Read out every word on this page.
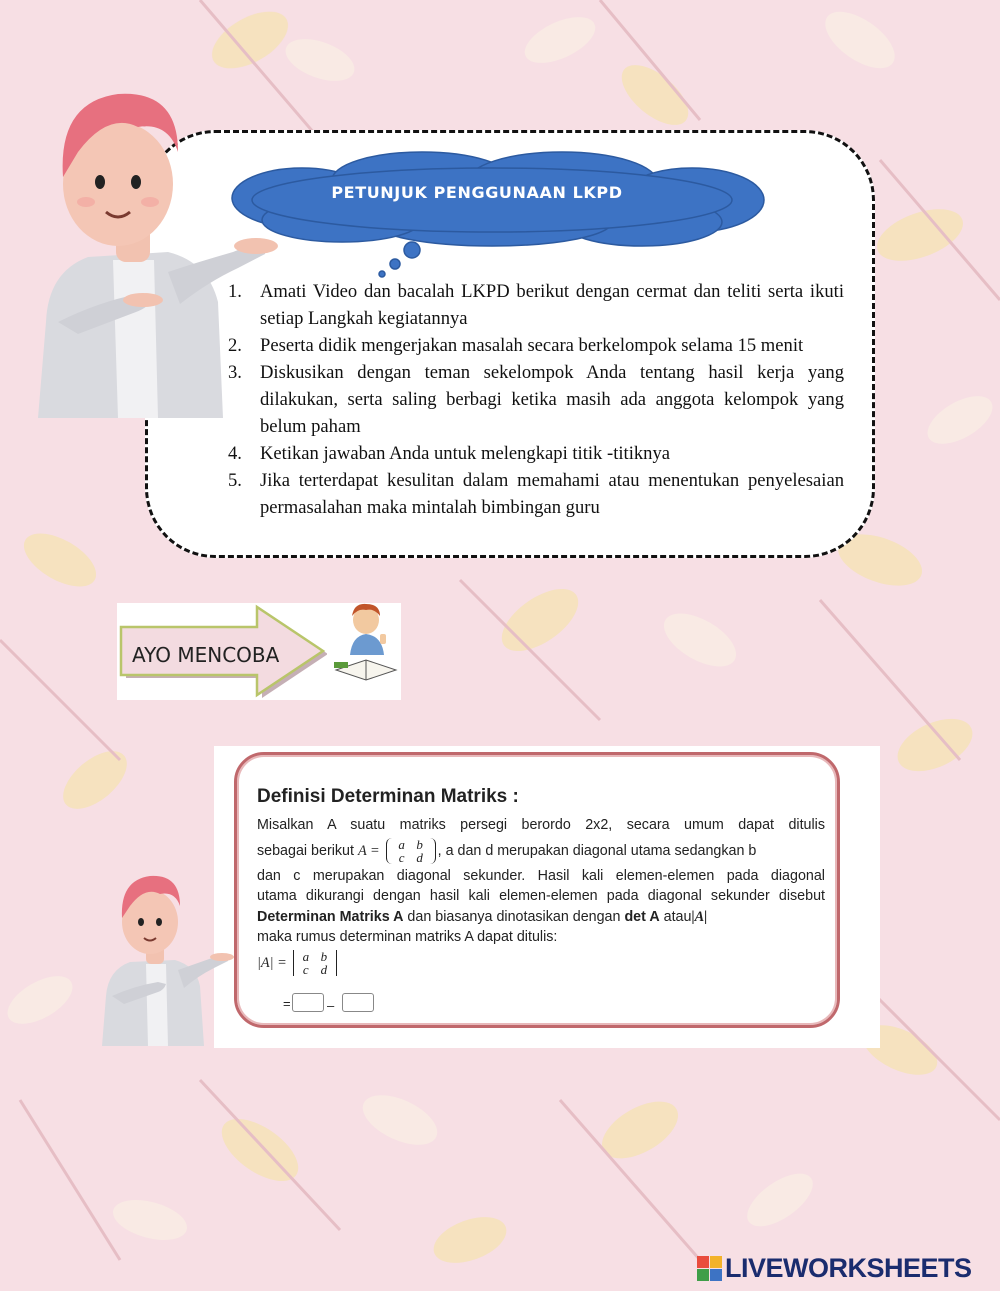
PETUNJUK PENGGUNAAN LKPD
1. Amati Video dan bacalah LKPD berikut dengan cermat dan teliti serta ikuti setiap Langkah kegiatannya
2. Peserta didik mengerjakan masalah secara berkelompok selama 15 menit
3. Diskusikan dengan teman sekelompok Anda tentang hasil kerja yang dilakukan, serta saling berbagi ketika masih ada anggota kelompok yang belum paham
4. Ketikan jawaban Anda untuk melengkapi titik -titiknya
5. Jika terterdapat kesulitan dalam memahami atau menentukan penyelesaian permasalahan maka mintalah bimbingan guru
AYO MENCOBA
Definisi Determinan Matriks :
Misalkan A suatu matriks persegi berordo 2x2, secara umum dapat ditulis
sebagai berikut A =	a b
c d	, a dan d merupakan diagonal utama sedangkan b
dan c merupakan diagonal sekunder. Hasil kali elemen-elemen pada diagonal
utama dikurangi dengan hasil kali elemen-elemen pada diagonal sekunder disebut
Determinan Matriks A dan biasanya dinotasikan dengan det A atau|A|
maka rumus determinan matriks A dapat ditulis:
|A| =	a b
c d
=	–
LIVEWORKSHEETS
